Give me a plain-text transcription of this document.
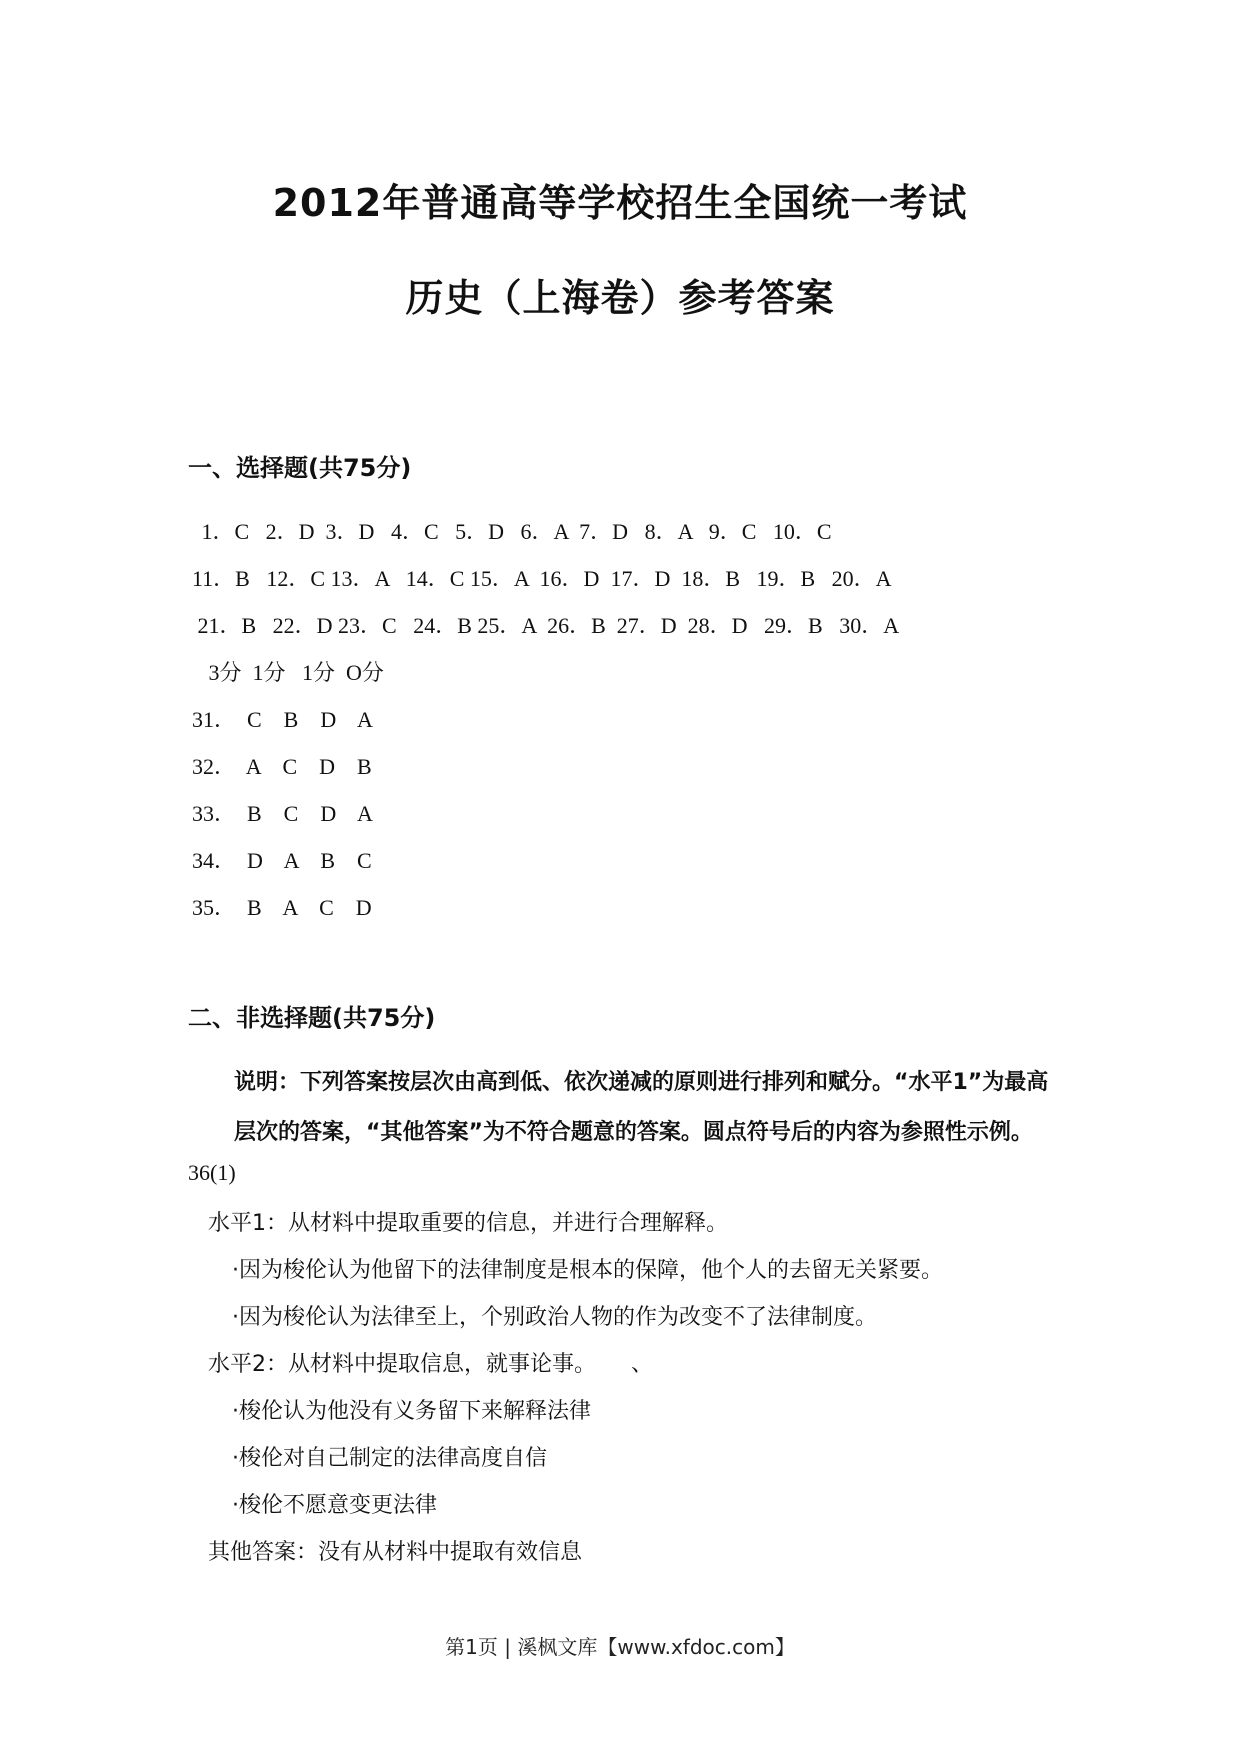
2012年普通高等学校招生全国统一考试
历史（上海卷）参考答案
一、选择题(共75分)
1．C   2．D  3．D   4．C   5．D   6．A  7．D   8．A   9．C   10．C
11．B   12．C 13．A   14．C 15．A  16．D  17．D  18．B   19．B   20．A
21．B   22．D 23．C   24．B 25．A  26．B  27．D  28．D   29．B   30．A
3分  1分   1分  O分
31．  C    B    D    A
32．  A    C    D    B
33．  B    C    D    A
34．  D    A    B    C
35．  B    A    C    D
二、非选择题(共75分)
说明：下列答案按层次由高到低、依次递减的原则进行排列和赋分。“水平1”为最高层次的答案，“其他答案”为不符合题意的答案。圆点符号后的内容为参照性示例。
36(1)
水平1：从材料中提取重要的信息，并进行合理解释。
·因为梭伦认为他留下的法律制度是根本的保障，他个人的去留无关紧要。
·因为梭伦认为法律至上，个别政治人物的作为改变不了法律制度。
水平2：从材料中提取信息，就事论事。     、
·梭伦认为他没有义务留下来解释法律
·梭伦对自己制定的法律高度自信
·梭伦不愿意变更法律
其他答案：没有从材料中提取有效信息
第1页 | 溪枫文库【www.xfdoc.com】
